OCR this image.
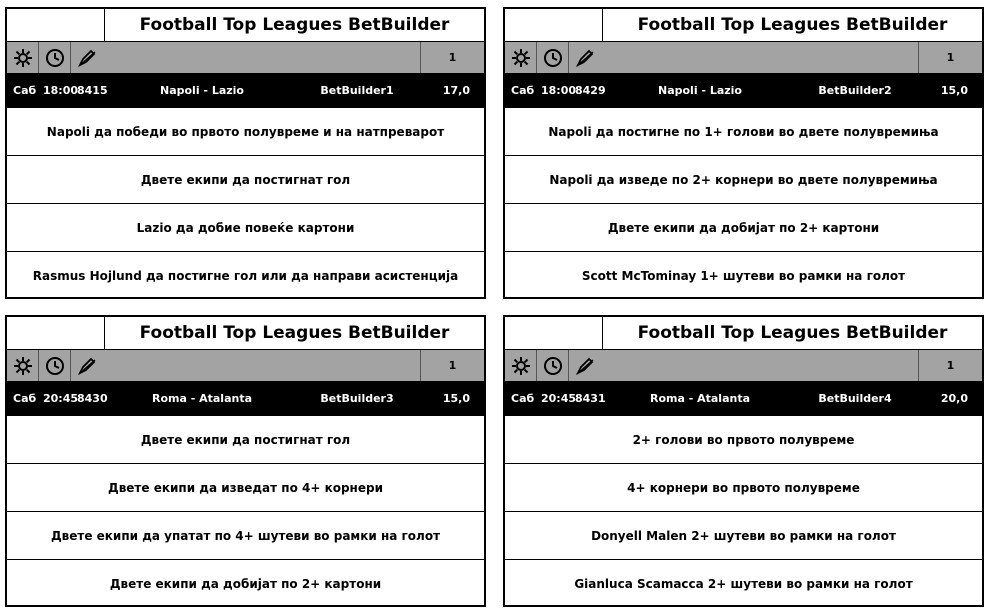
Football Top Leagues BetBuilder
1
Саб 18:00
8415	Napoli - Lazio	BetBuilder1	17,0
Napoli да победи во првото полувреме и на натпреварот
Двете екипи да постигнат гол
Lazio да добие повеќе картони
Rasmus Hojlund да постигне гол или да направи асистенција
Football Top Leagues BetBuilder
1
Саб 18:00
8429	Napoli - Lazio	BetBuilder2	15,0
Napoli да постигне по 1+ голови во двете полувремиња
Napoli да изведе по 2+ корнери во двете полувремиња
Двете екипи да добијат по 2+ картони
Scott McTominay 1+ шутеви во рамки на голот
Football Top Leagues BetBuilder
1
Саб 20:45
8430	Roma - Atalanta	BetBuilder3	15,0
Двете екипи да постигнат гол
Двете екипи да изведат по 4+ корнери
Двете екипи да упатат по 4+ шутеви во рамки на голот
Двете екипи да добијат по 2+ картони
Football Top Leagues BetBuilder
1
Саб 20:45
8431	Roma - Atalanta	BetBuilder4	20,0
2+ голови во првото полувреме
4+ корнери во првото полувреме
Donyell Malen 2+ шутеви во рамки на голот
Gianluca Scamacca 2+ шутеви во рамки на голот
